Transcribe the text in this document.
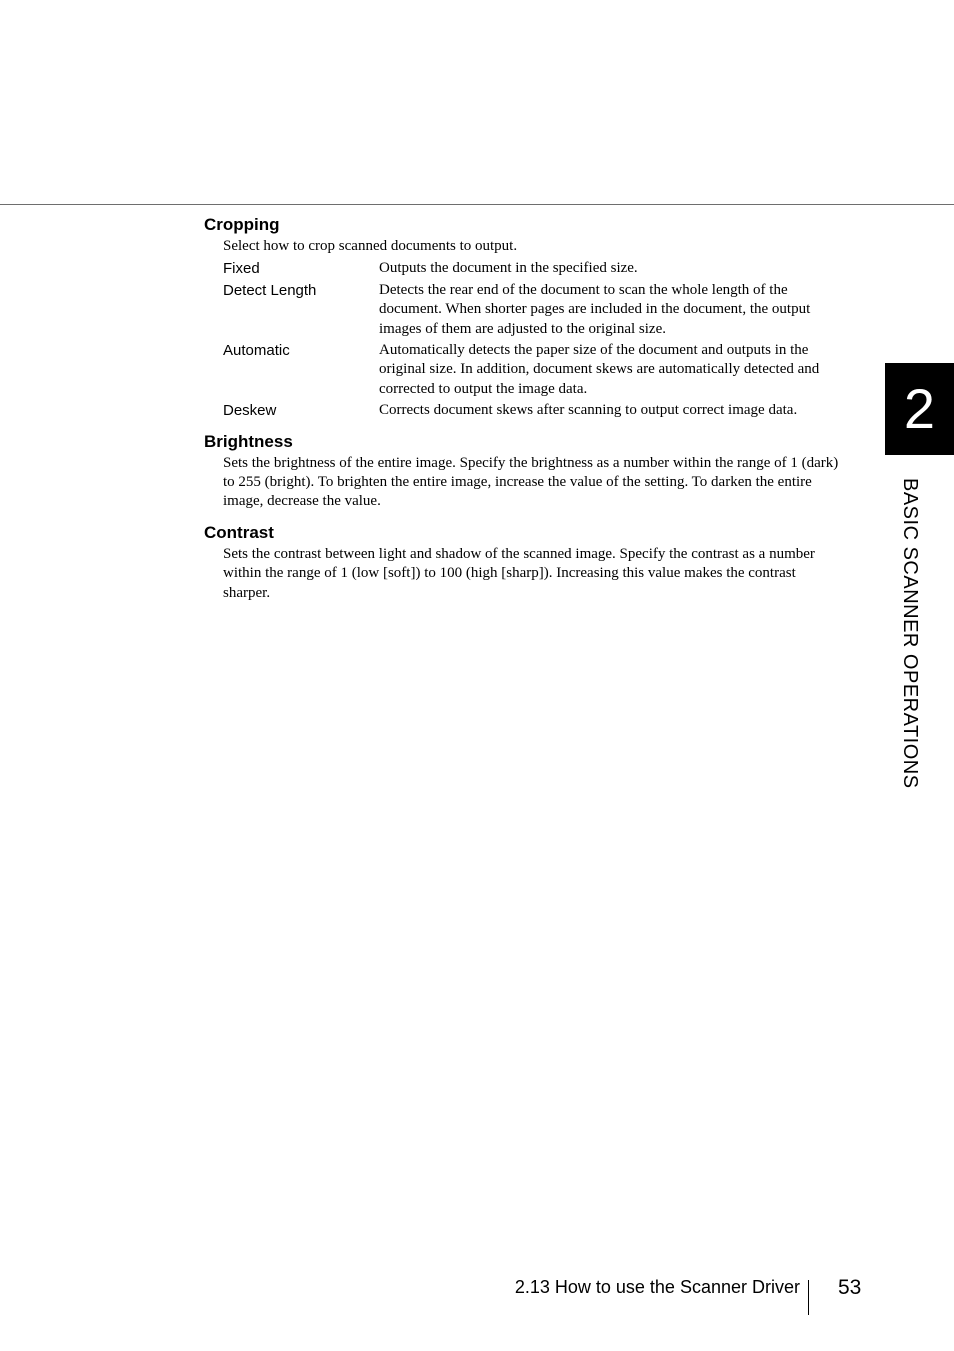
Cropping

Select how to crop scanned documents to output.

Fixed	Outputs the document in the specified size.
Detect Length	Detects the rear end of the document to scan the whole length of the document. When shorter pages are included in the document, the output images of them are adjusted to the original size.
Automatic	Automatically detects the paper size of the document and outputs in the original size. In addition, document skews are automatically detected and corrected to output the image data.
Deskew	Corrects document skews after scanning to output correct image data.
Brightness

Sets the brightness of the entire image. Specify the brightness as a number within the range of 1 (dark) to 255 (bright). To brighten the entire image, increase the value of the setting. To darken the entire image, decrease the value.

Contrast

Sets the contrast between light and shadow of the scanned image. Specify the contrast as a number within the range of 1 (low [soft]) to 100 (high [sharp]). Increasing this value makes the contrast sharper.

2
BASIC SCANNER OPERATIONS
2.13 How to use the Scanner Driver 53
